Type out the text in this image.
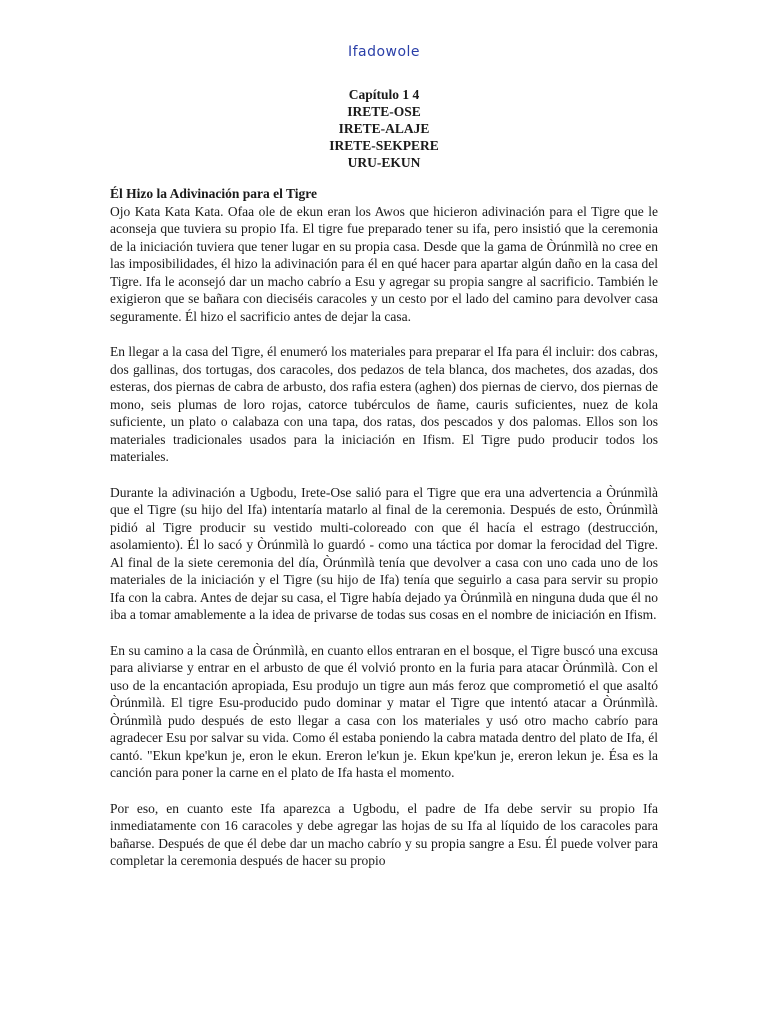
Ifadowole
Capítulo 1 4
IRETE-OSE
IRETE-ALAJE
IRETE-SEKPERE
URU-EKUN
Él Hizo la Adivinación para el Tigre

Ojo Kata Kata Kata. Ofaa ole de ekun eran los Awos que hicieron adivinación para el Tigre que le aconseja que tuviera su propio Ifa. El tigre fue preparado tener su ifa, pero insistió que la ceremonia de la iniciación tuviera que tener lugar en su propia casa. Desde que la gama de Òrúnmìlà no cree en las imposibilidades, él hizo la adivinación para él en qué hacer para apartar algún daño en la casa del Tigre. Ifa le aconsejó dar un macho cabrío a Esu y agregar su propia sangre al sacrificio. También le exigieron que se bañara con dieciséis caracoles y un cesto por el lado del camino para devolver casa seguramente. Él hizo el sacrificio antes de dejar la casa.

En llegar a la casa del Tigre, él enumeró los materiales para preparar el Ifa para él incluir: dos cabras, dos gallinas, dos tortugas, dos caracoles, dos pedazos de tela blanca, dos machetes, dos azadas, dos esteras, dos piernas de cabra de arbusto, dos rafia estera (aghen) dos piernas de ciervo, dos piernas de mono, seis plumas de loro rojas, catorce tubérculos de ñame, cauris suficientes, nuez de kola suficiente, un plato o calabaza con una tapa, dos ratas, dos pescados y dos palomas. Ellos son los materiales tradicionales usados para la iniciación en Ifism. El Tigre pudo producir todos los materiales.

Durante la adivinación a Ugbodu, Irete-Ose salió para el Tigre que era una advertencia a Òrúnmìlà que el Tigre (su hijo del Ifa) intentaría matarlo al final de la ceremonia. Después de esto, Òrúnmìlà pidió al Tigre producir su vestido multi-coloreado con que él hacía el estrago (destrucción, asolamiento). Él lo sacó y Òrúnmìlà lo guardó - como una táctica por domar la ferocidad del Tigre. Al final de la siete ceremonia del día, Òrúnmìlà tenía que devolver a casa con uno cada uno de los materiales de la iniciación y el Tigre (su hijo de Ifa) tenía que seguirlo a casa para servir su propio Ifa con la cabra. Antes de dejar su casa, el Tigre había dejado ya Òrúnmìlà en ninguna duda que él no iba a tomar amablemente a la idea de privarse de todas sus cosas en el nombre de iniciación en Ifism.

En su camino a la casa de Òrúnmìlà, en cuanto ellos entraran en el bosque, el Tigre buscó una excusa para aliviarse y entrar en el arbusto de que él volvió pronto en la furia para atacar Òrúnmìlà. Con el uso de la encantación apropiada, Esu produjo un tigre aun más feroz que comprometió el que asaltó Òrúnmìlà. El tigre Esu-producido pudo dominar y matar el Tigre que intentó atacar a Òrúnmìlà. Òrúnmìlà pudo después de esto llegar a casa con los materiales y usó otro macho cabrío para agradecer Esu por salvar su vida. Como él estaba poniendo la cabra matada dentro del plato de Ifa, él cantó. "Ekun kpe'kun je, eron le ekun. Ereron le'kun je. Ekun kpe'kun je, ereron lekun je. Ésa es la canción para poner la carne en el plato de Ifa hasta el momento.

Por eso, en cuanto este Ifa aparezca a Ugbodu, el padre de Ifa debe servir su propio Ifa inmediatamente con 16 caracoles y debe agregar las hojas de su Ifa al líquido de los caracoles para bañarse. Después de que él debe dar un macho cabrío y su propia sangre a Esu. Él puede volver para completar la ceremonia después de hacer su propio
